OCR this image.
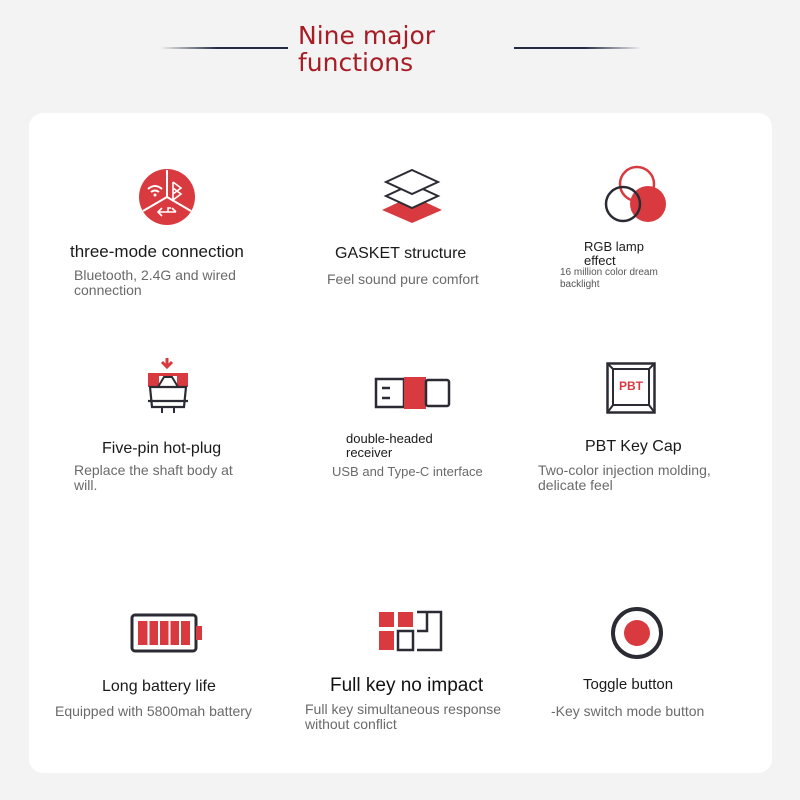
Nine major
functions
three-mode connection
Bluetooth, 2.4G and wired
connection
GASKET structure
Feel sound pure comfort
RGB lamp
effect
16 million color dream
backlight
Five-pin hot-plug
Replace the shaft body at
will.
double-headed
receiver
USB and Type-C interface
PBT
PBT Key Cap
Two-color injection molding,
delicate feel
Long battery life
Equipped with 5800mah battery
Full key no impact
Full key simultaneous response
without conflict
Toggle button
-Key switch mode button
